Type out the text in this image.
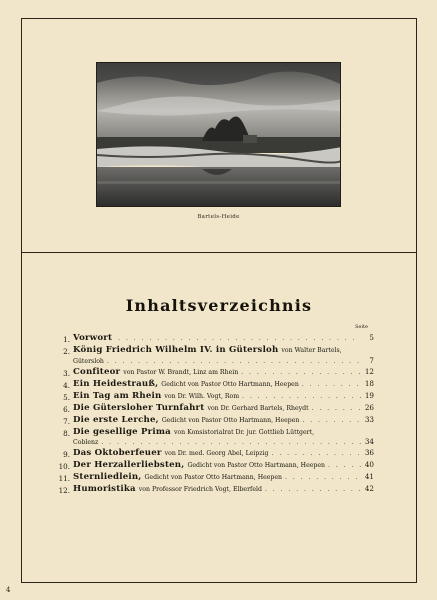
Bartels-Heide
Inhaltsverzeichnis
Seite
1. Vorwort . . .	5
2. König Friedrich Wilhelm IV. in Gütersloh von Walter Bartels,
Gütersloh . . .	7
3. Confiteor von Pastor W. Brandt, Linz am Rhein . . .	12
4. Ein Heidestrauß, Gedicht von Pastor Otto Hartmann, Heepen . . .	18
5. Ein Tag am Rhein von Dr. Wilh. Vogt, Rom . . .	19
6. Die Gütersloher Turnfahrt von Dr. Gerhard Bartels, Rheydt . . .	26
7. Die erste Lerche, Gedicht von Pastor Otto Hartmann, Heepen . . .	33
8. Die gesellige Prima von Konsistorialrat Dr. jur. Gottlieb Lüttgert,
Coblenz . . .	34
9. Das Oktoberfeuer von Dr. med. Georg Abel, Leipzig . . .	36
10. Der Herzallerliebsten, Gedicht von Pastor Otto Hartmann, Heepen . . .	40
11. Sternliedlein, Gedicht von Pastor Otto Hartmann, Heepen . . .	41
12. Humoristika von Professor Friedrich Vogt, Elberfeld . . .	42
4
